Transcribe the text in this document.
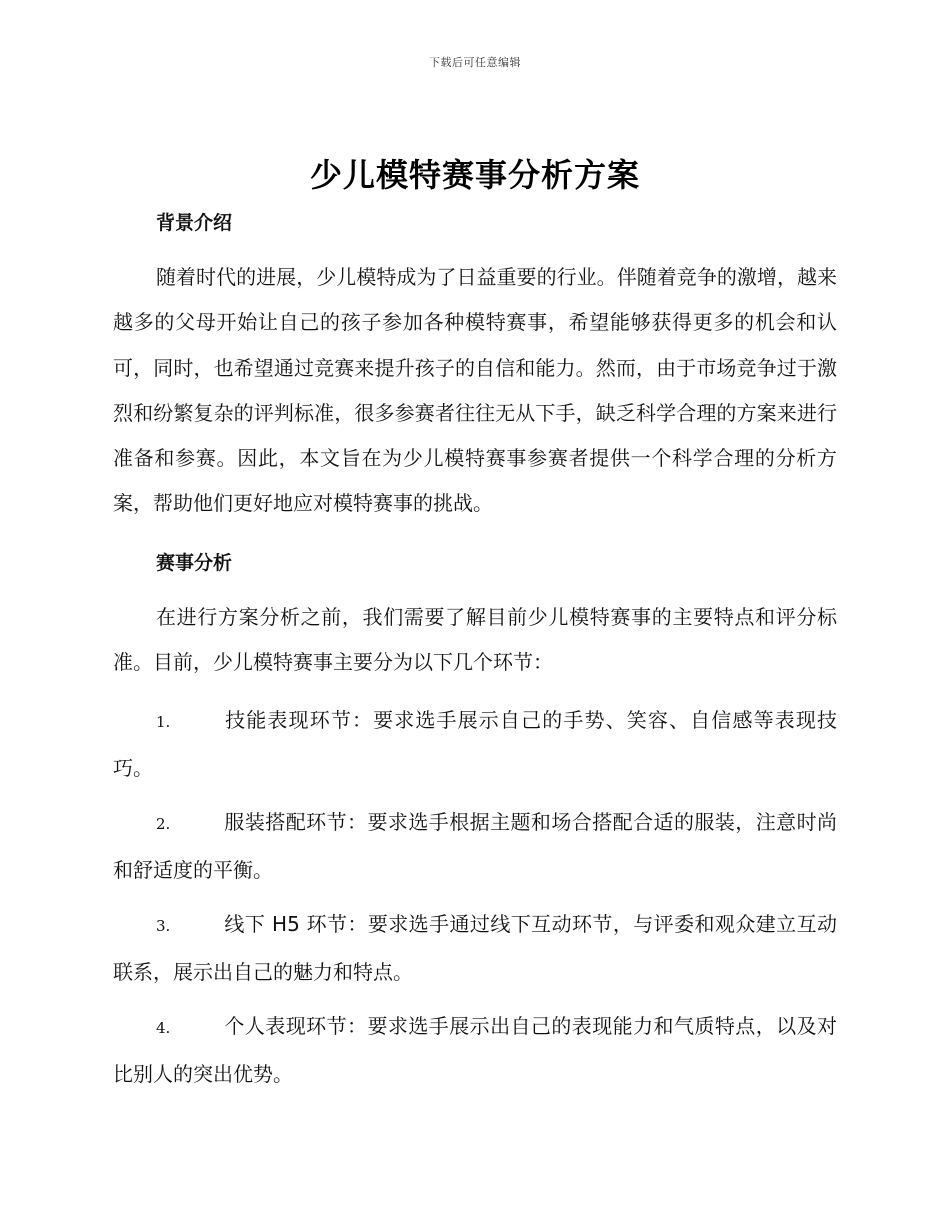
下载后可任意编辑
少儿模特赛事分析方案
背景介绍

随着时代的进展，少儿模特成为了日益重要的行业。伴随着竞争的激增，越来越多的父母开始让自己的孩子参加各种模特赛事，希望能够获得更多的机会和认可，同时，也希望通过竞赛来提升孩子的自信和能力。然而，由于市场竞争过于激烈和纷繁复杂的评判标准，很多参赛者往往无从下手，缺乏科学合理的方案来进行准备和参赛。因此，本文旨在为少儿模特赛事参赛者提供一个科学合理的分析方案，帮助他们更好地应对模特赛事的挑战。

赛事分析

在进行方案分析之前，我们需要了解目前少儿模特赛事的主要特点和评分标准。目前，少儿模特赛事主要分为以下几个环节：

1.	技能表现环节：要求选手展示自己的手势、笑容、自信感等表现技巧。

2.	服装搭配环节：要求选手根据主题和场合搭配合适的服装，注意时尚和舒适度的平衡。

3.	线下 H5 环节：要求选手通过线下互动环节，与评委和观众建立互动联系，展示出自己的魅力和特点。

4.	个人表现环节：要求选手展示出自己的表现能力和气质特点，以及对比别人的突出优势。
